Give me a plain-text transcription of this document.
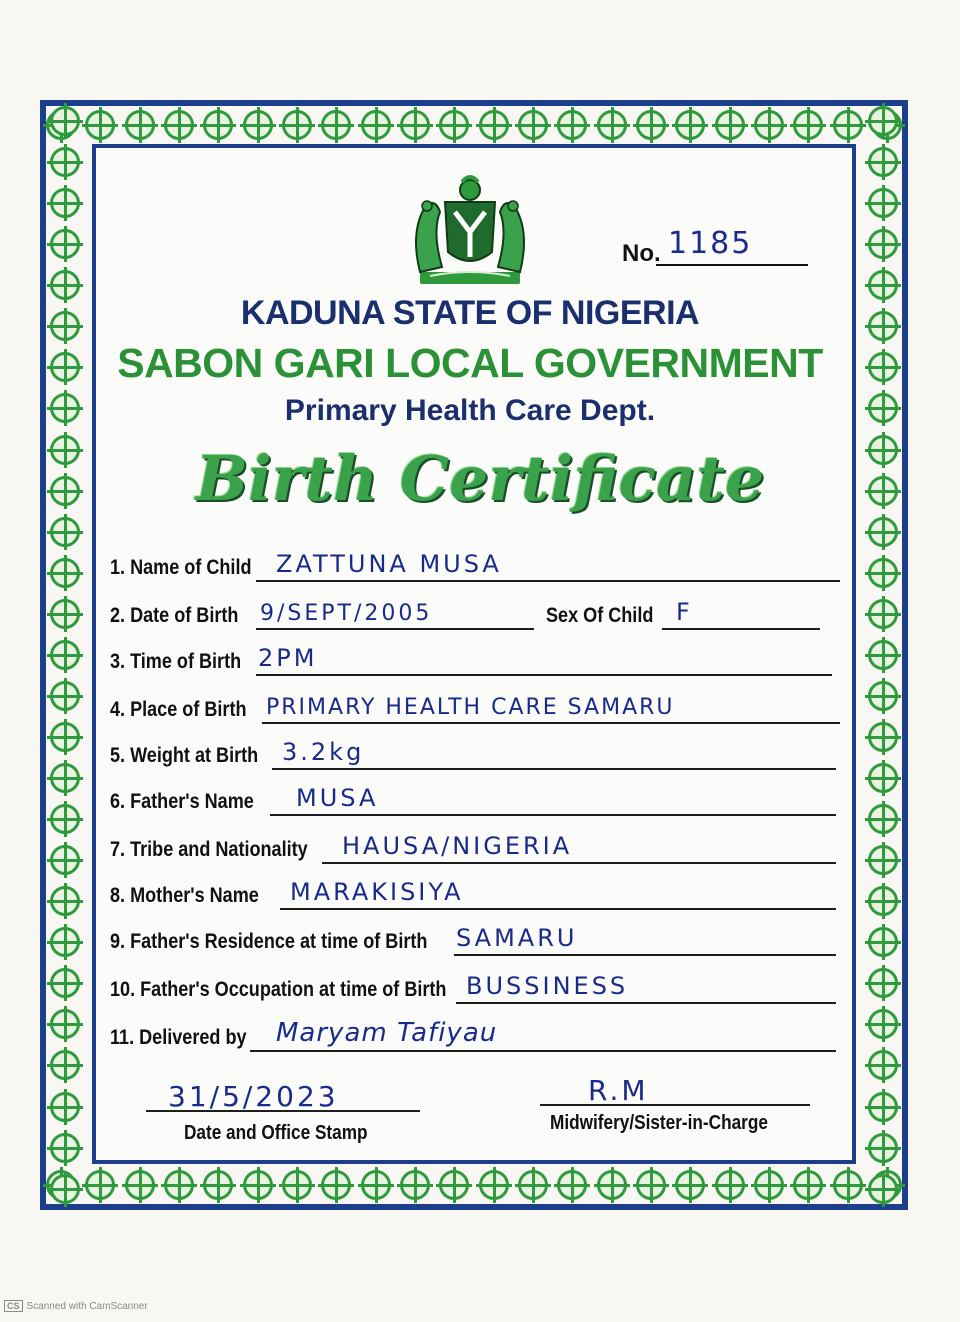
No. 1185
KADUNA STATE OF NIGERIA
SABON GARI LOCAL GOVERNMENT
Primary Health Care Dept.
Birth Certificate
1. Name of Child ZATTUNA MUSA
2. Date of Birth 9/SEPT/2005	Sex Of Child F
3. Time of Birth 2PM
4. Place of Birth PRIMARY HEALTH CARE SAMARU
5. Weight at Birth 3.2kg
6. Father's Name MUSA
7. Tribe and Nationality HAUSA/NIGERIA
8. Mother's Name MARAKISIYA
9. Father's Residence at time of Birth SAMARU
10. Father's Occupation at time of Birth BUSSINESS
11. Delivered by Maryam Tafiyau
31/5/2023
Date and Office Stamp
R.M
Midwifery/Sister-in-Charge
CS Scanned with CamScanner
